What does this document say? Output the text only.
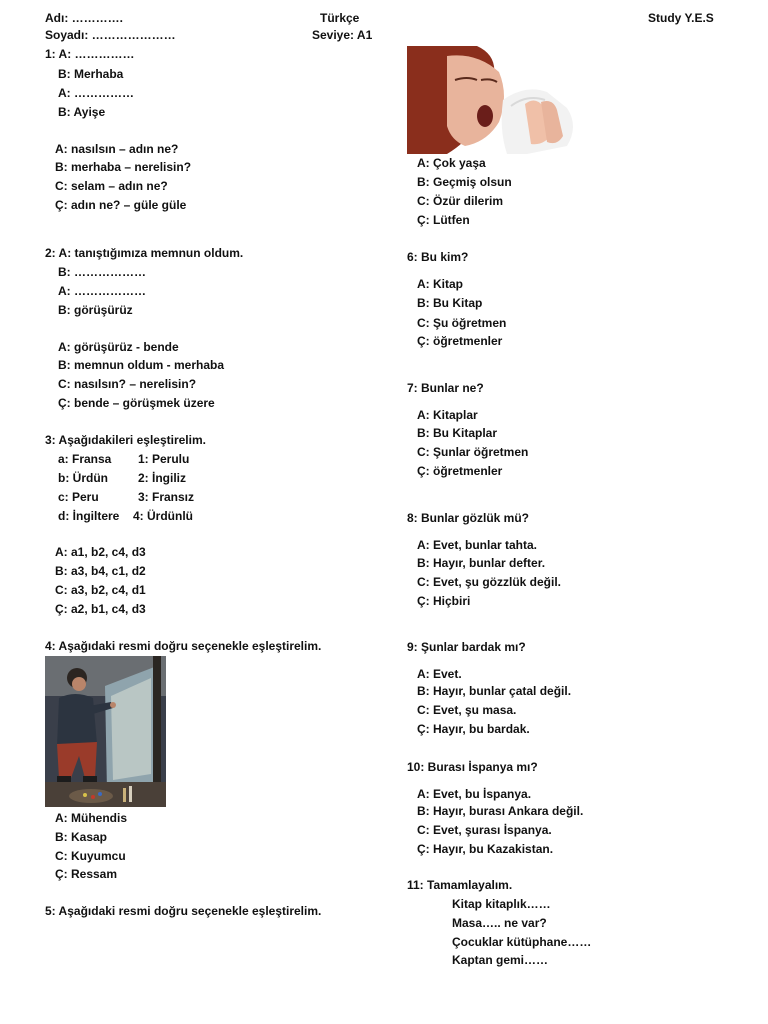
Adı: ………….
Soyadı: …………………
Türkçe
Seviye: A1
Study Y.E.S
1: A: ……………
B: Merhaba
A: ……………
B: Ayişe
A: nasılsın – adın ne?
B: merhaba – nerelisin?
C: selam – adın ne?
Ç: adın ne? – güle güle
2: A: tanıştığımıza memnun oldum.
B: ………………
A: ………………
B: görüşürüz
A: görüşürüz - bende
B: memnun oldum - merhaba
C: nasılsın? – nerelisin?
Ç: bende – görüşmek üzere
3: Aşağıdakileri eşleştirelim.
a: Fransa
b: Ürdün
c: Peru
d: İngiltere
1: Perulu
2: İngiliz
3: Fransız
4: Ürdünlü
A: a1, b2, c4, d3
B: a3, b4, c1, d2
C: a3, b2, c4, d1
Ç: a2, b1, c4, d3
4: Aşağıdaki resmi doğru seçenekle eşleştirelim.
A: Mühendis
B: Kasap
C: Kuyumcu
Ç: Ressam
5: Aşağıdaki resmi doğru seçenekle eşleştirelim.
A: Çok yaşa
B: Geçmiş olsun
C: Özür dilerim
Ç: Lütfen
6: Bu kim?
A: Kitap
B: Bu Kitap
C: Şu öğretmen
Ç: öğretmenler
7: Bunlar ne?
A: Kitaplar
B: Bu Kitaplar
C: Şunlar öğretmen
Ç: öğretmenler
8: Bunlar gözlük mü?
A: Evet, bunlar tahta.
B: Hayır, bunlar defter.
C: Evet, şu gözzlük değil.
Ç: Hiçbiri
9: Şunlar bardak mı?
A: Evet.
B: Hayır, bunlar çatal değil.
C: Evet, şu masa.
Ç: Hayır, bu bardak.
10: Burası İspanya mı?
A: Evet, bu İspanya.
B: Hayır, burası Ankara değil.
C: Evet, şurası İspanya.
Ç: Hayır, bu Kazakistan.
11: Tamamlayalım.
Kitap kitaplık……
Masa….. ne var?
Çocuklar kütüphane……
Kaptan gemi……
